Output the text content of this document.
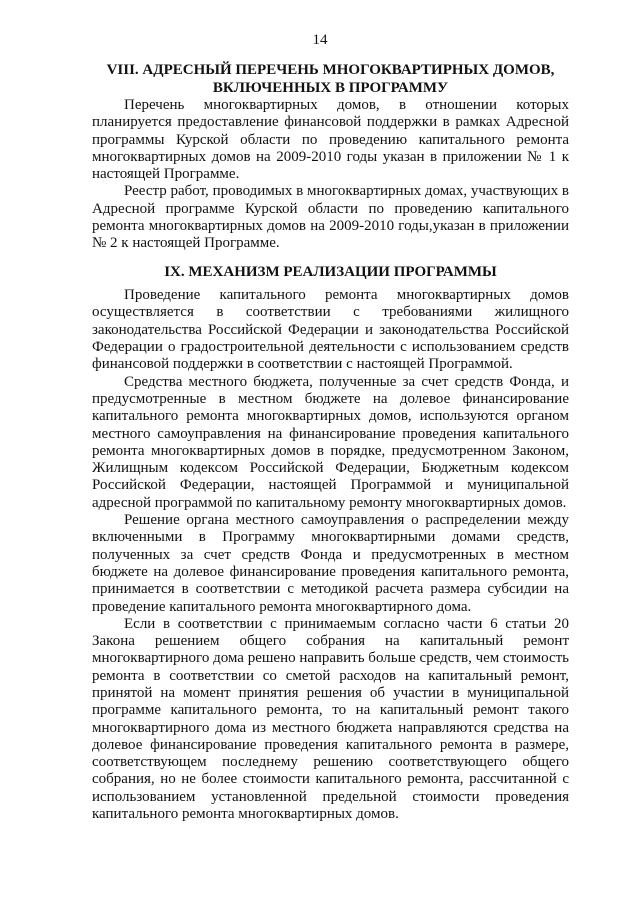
14
VIII. АДРЕСНЫЙ ПЕРЕЧЕНЬ МНОГОКВАРТИРНЫХ ДОМОВ,
ВКЛЮЧЕННЫХ В ПРОГРАММУ

Перечень многоквартирных домов, в отношении которых планируется предоставление финансовой поддержки в рамках Адресной программы Курской области по проведению капитального ремонта многоквартирных домов на 2009-2010 годы указан в приложении № 1 к настоящей Программе.

Реестр работ, проводимых в многоквартирных домах, участвующих в Адресной программе Курской области по проведению капитального ремонта многоквартирных домов на 2009-2010 годы,указан в приложении № 2 к настоящей Программе.

IX. МЕХАНИЗМ РЕАЛИЗАЦИИ ПРОГРАММЫ

Проведение капитального ремонта многоквартирных домов осуществляется в соответствии с требованиями жилищного законодательства Российской Федерации и законодательства Российской Федерации о градостроительной деятельности с использованием средств финансовой поддержки в соответствии с настоящей Программой.

Средства местного бюджета, полученные за счет средств Фонда, и предусмотренные в местном бюджете на долевое финансирование капитального ремонта многоквартирных домов, используются органом местного самоуправления на финансирование проведения капитального ремонта многоквартирных домов в порядке, предусмотренном Законом, Жилищным кодексом Российской Федерации, Бюджетным кодексом Российской Федерации, настоящей Программой и муниципальной адресной программой по капитальному ремонту многоквартирных домов.

Решение органа местного самоуправления о распределении между включенными в Программу многоквартирными домами средств, полученных за счет средств Фонда и предусмотренных в местном бюджете на долевое финансирование проведения капитального ремонта, принимается в соответствии с методикой расчета размера субсидии на проведение капитального ремонта многоквартирного дома.

Если в соответствии с принимаемым согласно части 6 статьи 20 Закона решением общего собрания на капитальный ремонт многоквартирного дома решено направить больше средств, чем стоимость ремонта в соответствии со сметой расходов на капитальный ремонт, принятой на момент принятия решения об участии в муниципальной программе капитального ремонта, то на капитальный ремонт такого многоквартирного дома из местного бюджета направляются средства на долевое финансирование проведения капитального ремонта в размере, соответствующем последнему решению соответствующего общего собрания, но не более стоимости капитального ремонта, рассчитанной с использованием установленной предельной стоимости проведения капитального ремонта многоквартирных домов.
